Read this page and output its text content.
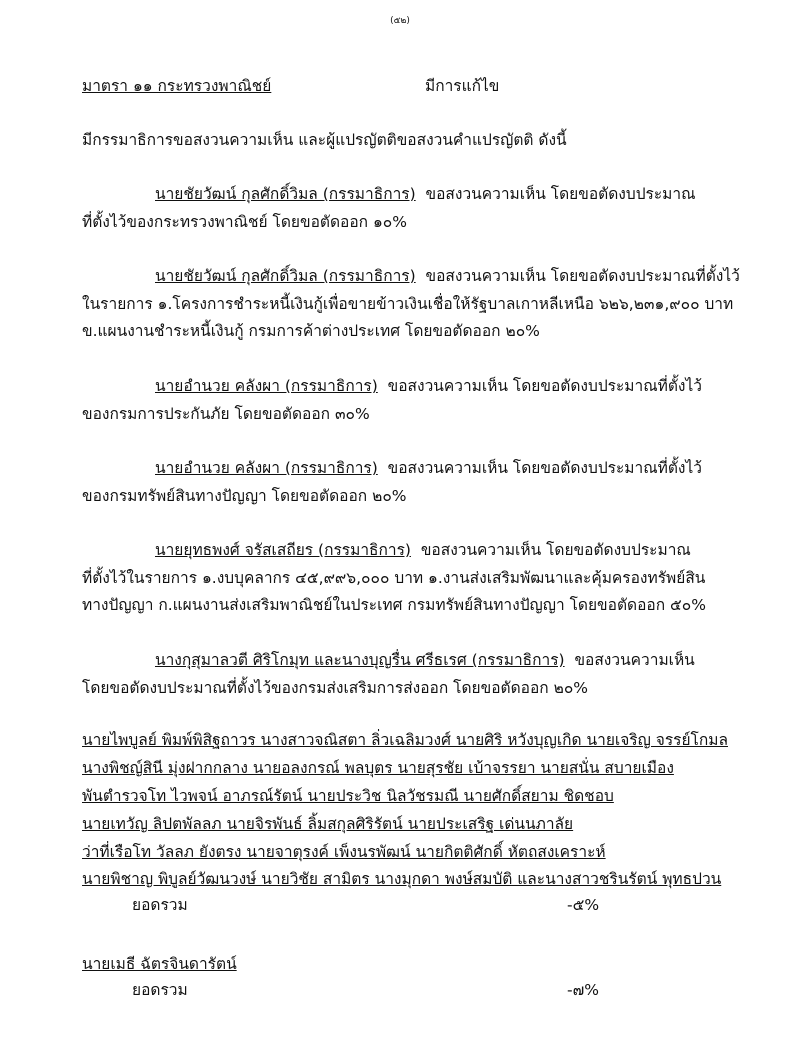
(๕๒)
มาตรา ๑๑ กระทรวงพาณิชย์	มีการแก้ไข
มีกรรมาธิการขอสงวนความเห็น และผู้แปรญัตติขอสงวนคำแปรญัตติ ดังนี้
นายชัยวัฒน์ กุลศักดิ์วิมล (กรรมาธิการ) ขอสงวนความเห็น โดยขอตัดงบประมาณ
ที่ตั้งไว้ของกระทรวงพาณิชย์ โดยขอตัดออก ๑๐%
นายชัยวัฒน์ กุลศักดิ์วิมล (กรรมาธิการ) ขอสงวนความเห็น โดยขอตัดงบประมาณที่ตั้งไว้
ในรายการ ๑.โครงการชำระหนี้เงินกู้เพื่อขายข้าวเงินเชื่อให้รัฐบาลเกาหลีเหนือ ๖๒๖,๒๓๑,๙๐๐ บาท
ข.แผนงานชำระหนี้เงินกู้ กรมการค้าต่างประเทศ โดยขอตัดออก ๒๐%
นายอำนวย คลังผา (กรรมาธิการ) ขอสงวนความเห็น โดยขอตัดงบประมาณที่ตั้งไว้
ของกรมการประกันภัย โดยขอตัดออก ๓๐%
นายอำนวย คลังผา (กรรมาธิการ) ขอสงวนความเห็น โดยขอตัดงบประมาณที่ตั้งไว้
ของกรมทรัพย์สินทางปัญญา โดยขอตัดออก ๒๐%
นายยุทธพงศ์ จรัสเสถียร (กรรมาธิการ) ขอสงวนความเห็น โดยขอตัดงบประมาณ
ที่ตั้งไว้ในรายการ ๑.งบบุคลากร ๔๕,๙๙๖,๐๐๐ บาท ๑.งานส่งเสริมพัฒนาและคุ้มครองทรัพย์สิน
ทางปัญญา ก.แผนงานส่งเสริมพาณิชย์ในประเทศ กรมทรัพย์สินทางปัญญา โดยขอตัดออก ๕๐%
นางกุสุมาลวตี ศิริโกมุท และนางบุญรื่น ศรีธเรศ (กรรมาธิการ) ขอสงวนความเห็น
โดยขอตัดงบประมาณที่ตั้งไว้ของกรมส่งเสริมการส่งออก โดยขอตัดออก ๒๐%
นายไพบูลย์ พิมพ์พิสิฐถาวร นางสาวจณิสตา ลิ่วเฉลิมวงศ์ นายศิริ หวังบุญเกิด นายเจริญ จรรย์โกมล
นางพิชญ์สินี มุ่งฝากกลาง นายอลงกรณ์ พลบุตร นายสุรชัย เบ้าจรรยา นายสนั่น สบายเมือง
พันตำรวจโท ไวพจน์ อาภรณ์รัตน์ นายประวิช นิลวัชรมณี นายศักดิ์สยาม ชิดชอบ
นายเทวัญ ลิปตพัลลภ นายจิรพันธ์ ลิ้มสกุลศิริรัตน์ นายประเสริฐ เด่นนภาลัย
ว่าที่เรือโท วัลลภ ยังตรง นายจาตุรงค์ เพ็งนรพัฒน์ นายกิตติศักดิ์ หัตถสงเคราะห์
นายพิชาญ พิบูลย์วัฒนวงษ์ นายวิชัย สามิตร นางมุกดา พงษ์สมบัติ และนางสาวชรินรัตน์ พุทธปวน
ยอดรวม	-๕%
นายเมธี ฉัตรจินดารัตน์
ยอดรวม	-๗%
